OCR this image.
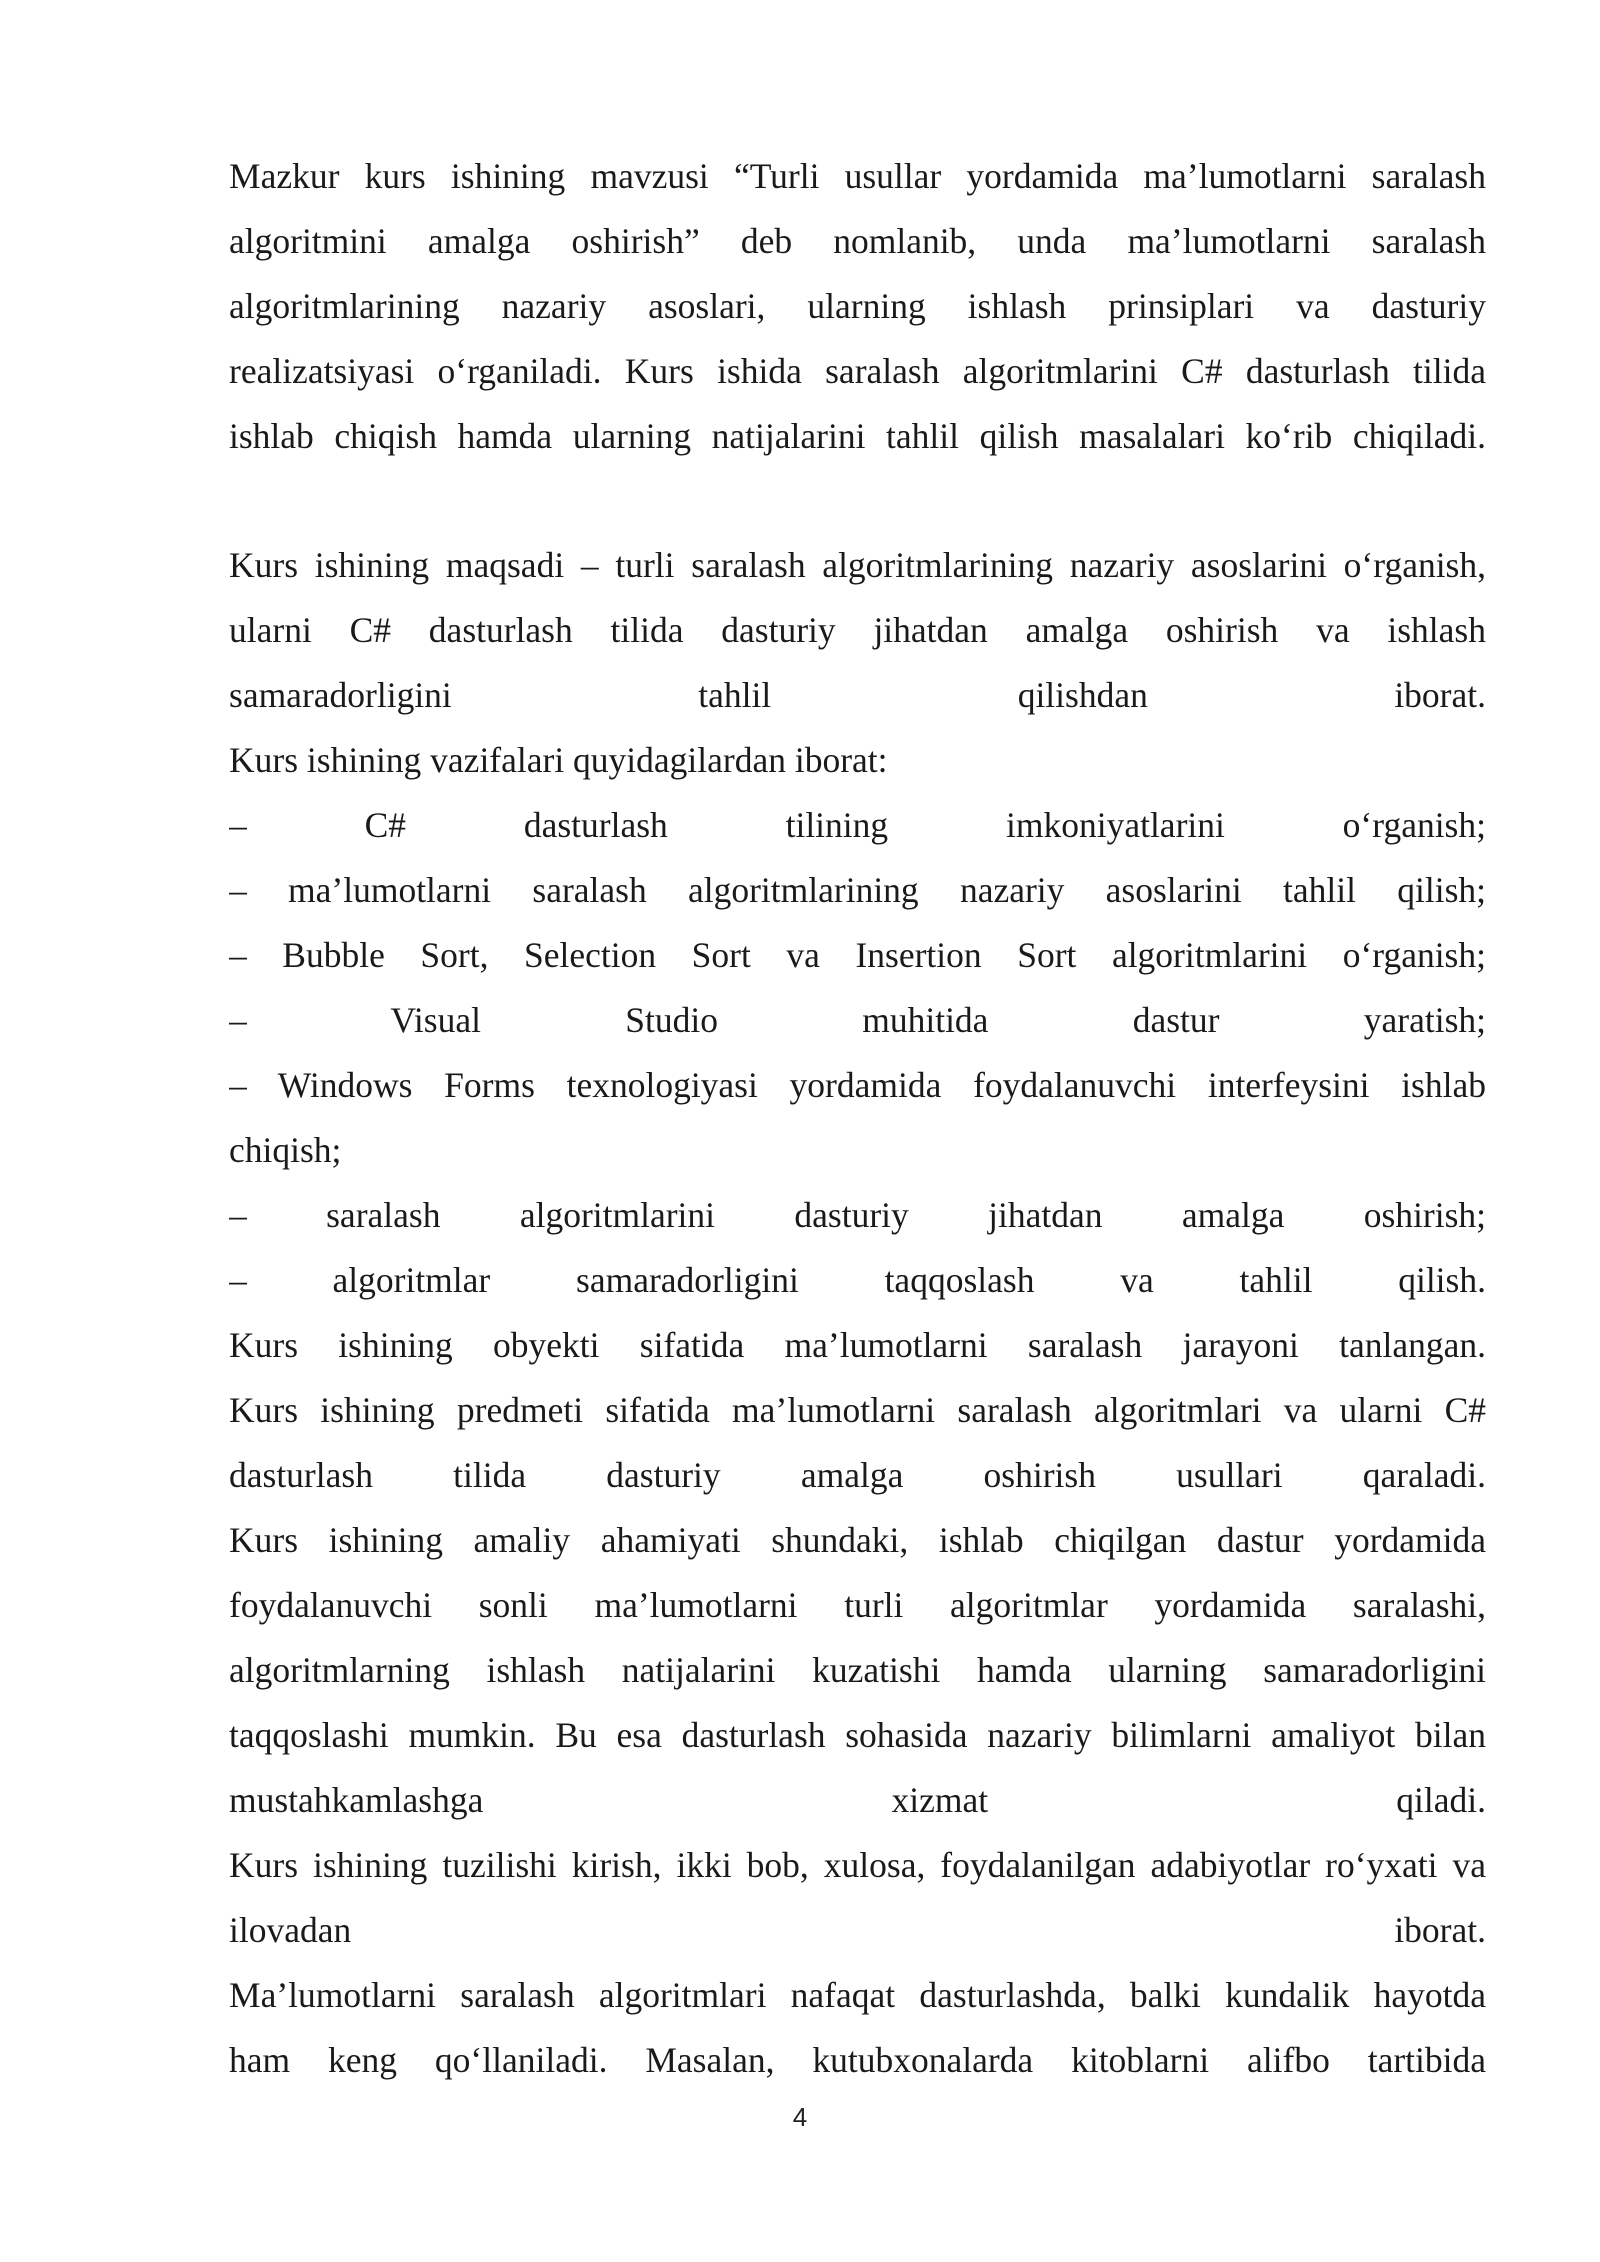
Mazkur kurs ishining mavzusi “Turli usullar yordamida ma’lumotlarni saralash
algoritmini amalga oshirish” deb nomlanib, unda ma’lumotlarni saralash
algoritmlarining nazariy asoslari, ularning ishlash prinsiplari va dasturiy
realizatsiyasi oʻrganiladi. Kurs ishida saralash algoritmlarini C# dasturlash tilida
ishlab chiqish hamda ularning natijalarini tahlil qilish masalalari koʻrib chiqiladi.
Kurs ishining maqsadi – turli saralash algoritmlarining nazariy asoslarini oʻrganish,
ularni C# dasturlash tilida dasturiy jihatdan amalga oshirish va ishlash
samaradorligini tahlil qilishdan iborat.
Kurs ishining vazifalari quyidagilardan iborat:
– C# dasturlash tilining imkoniyatlarini oʻrganish;
– ma’lumotlarni saralash algoritmlarining nazariy asoslarini tahlil qilish;
– Bubble Sort, Selection Sort va Insertion Sort algoritmlarini oʻrganish;
– Visual Studio muhitida dastur yaratish;
– Windows Forms texnologiyasi yordamida foydalanuvchi interfeysini ishlab
chiqish;
– saralash algoritmlarini dasturiy jihatdan amalga oshirish;
– algoritmlar samaradorligini taqqoslash va tahlil qilish.
Kurs ishining obyekti sifatida ma’lumotlarni saralash jarayoni tanlangan.
Kurs ishining predmeti sifatida ma’lumotlarni saralash algoritmlari va ularni C#
dasturlash tilida dasturiy amalga oshirish usullari qaraladi.
Kurs ishining amaliy ahamiyati shundaki, ishlab chiqilgan dastur yordamida
foydalanuvchi sonli ma’lumotlarni turli algoritmlar yordamida saralashi,
algoritmlarning ishlash natijalarini kuzatishi hamda ularning samaradorligini
taqqoslashi mumkin. Bu esa dasturlash sohasida nazariy bilimlarni amaliyot bilan
mustahkamlashga xizmat qiladi.
Kurs ishining tuzilishi kirish, ikki bob, xulosa, foydalanilgan adabiyotlar roʻyxati va
ilovadan iborat.
Ma’lumotlarni saralash algoritmlari nafaqat dasturlashda, balki kundalik hayotda
ham keng qoʻllaniladi. Masalan, kutubxonalarda kitoblarni alifbo tartibida
4
